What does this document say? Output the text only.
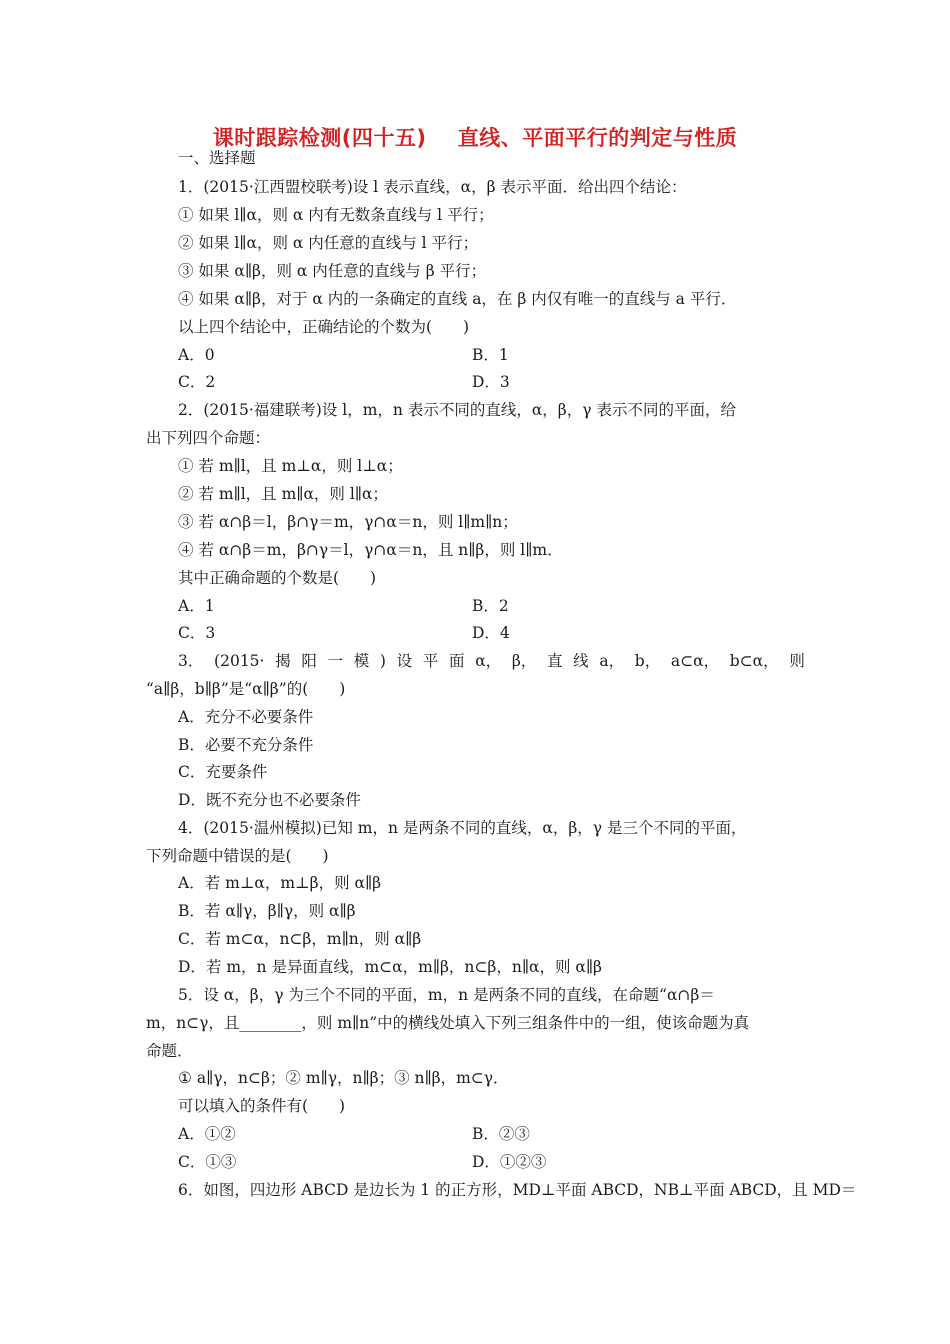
课时跟踪检测(四十五)    直线、平面平行的判定与性质
一、选择题
1．(2015·江西盟校联考)设 l 表示直线，α，β 表示平面．给出四个结论：
① 如果 l∥α，则 α 内有无数条直线与 l 平行；
② 如果 l∥α，则 α 内任意的直线与 l 平行；
③ 如果 α∥β，则 α 内任意的直线与 β 平行；
④ 如果 α∥β，对于 α 内的一条确定的直线 a，在 β 内仅有唯一的直线与 a 平行．
以上四个结论中，正确结论的个数为(　　)
A．0	B．1
C．2	D．3
2．(2015·福建联考)设 l，m，n 表示不同的直线，α，β，γ 表示不同的平面，给
出下列四个命题：
① 若 m∥l，且 m⊥α，则 l⊥α；
② 若 m∥l，且 m∥α，则 l∥α；
③ 若 α∩β＝l，β∩γ＝m，γ∩α＝n，则 l∥m∥n；
④ 若 α∩β＝m，β∩γ＝l，γ∩α＝n，且 n∥β，则 l∥m．
其中正确命题的个数是(　　)
A．1	B．2
C．3	D．4
3． (2015· 揭 阳 一 模 ) 设 平 面 α， β， 直 线 a， b， a⊂α， b⊂α， 则
“a∥β，b∥β”是“α∥β”的(　　)
A．充分不必要条件
B．必要不充分条件
C．充要条件
D．既不充分也不必要条件
4．(2015·温州模拟)已知 m，n 是两条不同的直线，α，β，γ 是三个不同的平面，
下列命题中错误的是(　　)
A．若 m⊥α，m⊥β，则 α∥β
B．若 α∥γ，β∥γ，则 α∥β
C．若 m⊂α，n⊂β，m∥n，则 α∥β
D．若 m，n 是异面直线，m⊂α，m∥β，n⊂β，n∥α，则 α∥β
5．设 α，β，γ 为三个不同的平面，m，n 是两条不同的直线，在命题“α∩β＝
m，n⊂γ，且________，则 m∥n”中的横线处填入下列三组条件中的一组，使该命题为真
命题．
① a∥γ，n⊂β；② m∥γ，n∥β；③ n∥β，m⊂γ．
可以填入的条件有(　　)
A．①②	B．②③
C．①③	D．①②③
6．如图，四边形 ABCD 是边长为 1 的正方形，MD⊥平面 ABCD，NB⊥平面 ABCD，且 MD＝
